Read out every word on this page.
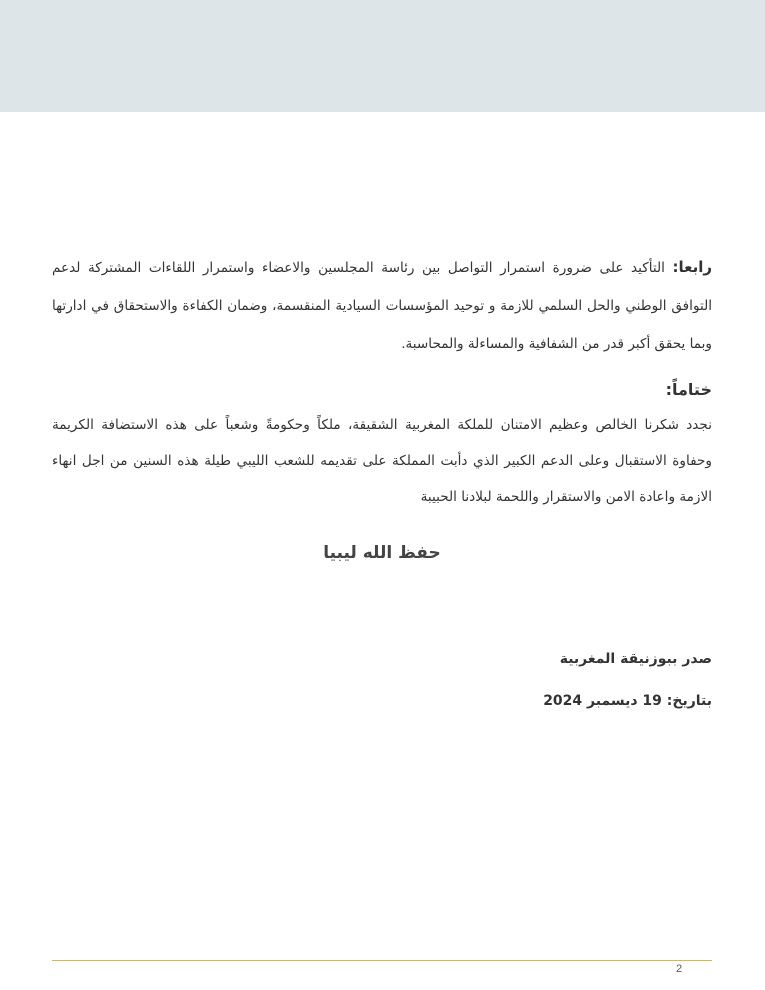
رابعا: التأكيد على ضرورة استمرار التواصل بين رئاسة المجلسين والاعضاء واستمرار اللقاءات المشتركة لدعم التوافق الوطني والحل السلمي للازمة و توحيد المؤسسات السيادية المنقسمة، وضمان الكفاءة والاستحقاق في ادارتها وبما يحقق أكبر قدر من الشفافية والمساءلة والمحاسبة.

ختاماً:

نجدد شكرنا الخالص وعظيم الامتنان للملكة المغربية الشقيقة، ملكاً وحكومةً وشعباً على هذه الاستضافة الكريمة وحفاوة الاستقبال وعلى الدعم الكبير الذي دأبت المملكة على تقديمه للشعب الليبي طيلة هذه السنين من اجل انهاء الازمة واعادة الامن والاستقرار واللحمة لبلادنا الحبيبة

حفظ الله ليبيا
صدر ببوزنيقة المغربية
بتاريخ: 19 ديسمبر 2024
2
